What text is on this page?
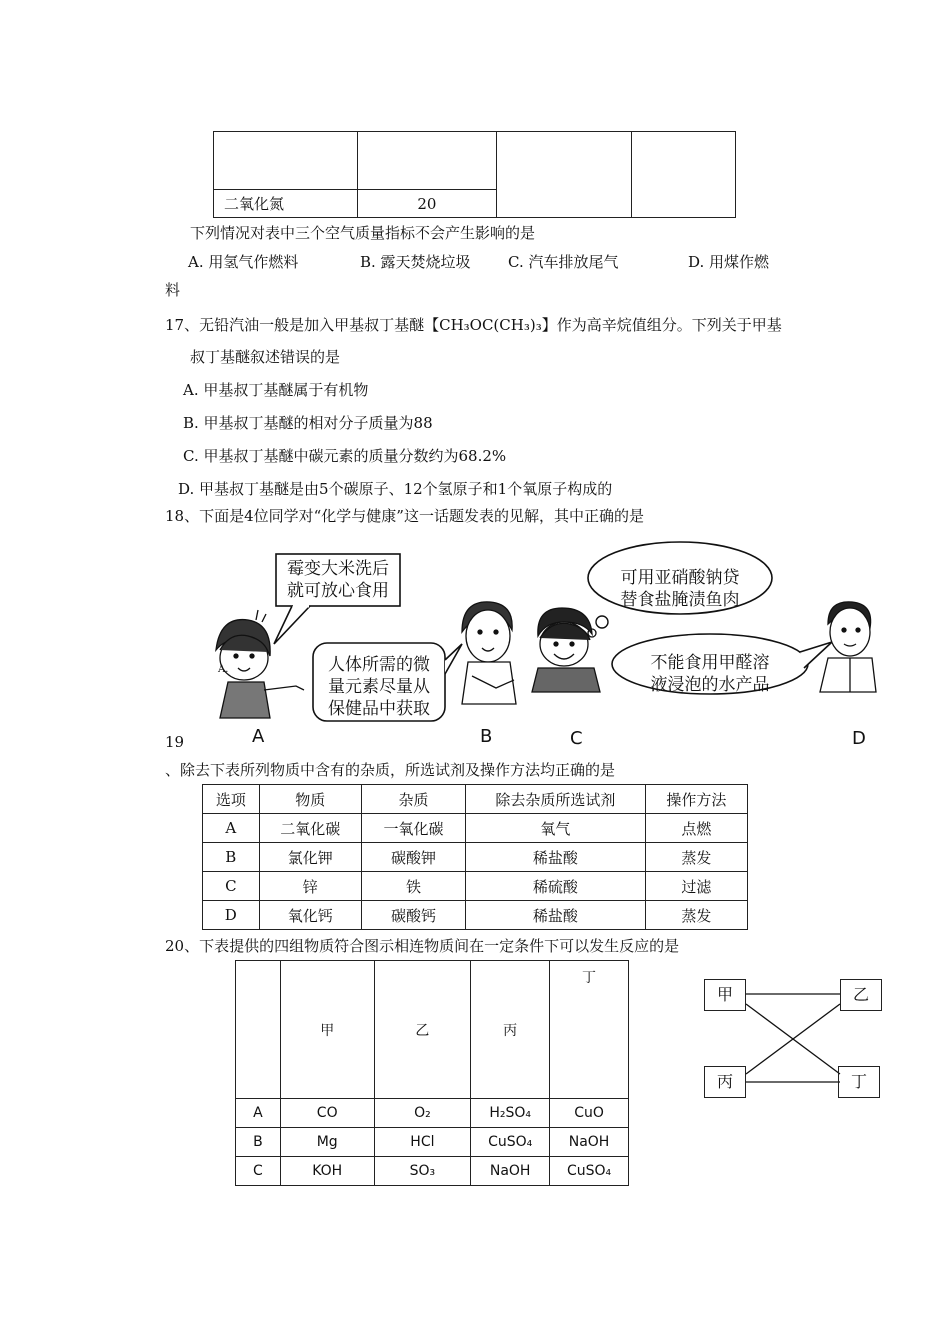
二氧化氮	20		
下列情况对表中三个空气质量指标不会产生影响的是
A. 用氢气作燃料	B. 露天焚烧垃圾 C. 汽车排放尾气	D. 用煤作燃
料
17、无铅汽油一般是加入甲基叔丁基醚【CH₃OC(CH₃)₃】作为高辛烷值组分。下列关于甲基
叔丁基醚叙述错误的是
A. 甲基叔丁基醚属于有机物
B. 甲基叔丁基醚的相对分子质量为88
C. 甲基叔丁基醚中碳元素的质量分数约为68.2%
D. 甲基叔丁基醚是由5个碳原子、12个氢原子和1个氧原子构成的
18、下面是4位同学对“化学与健康”这一话题发表的见解，其中正确的是
霉变大米洗后
就可放心食用
人体所需的微
量元素尽量从
保健品中获取
可用亚硝酸钠贷
替食盐腌渍鱼肉
不能食用甲醛溶
液浸泡的水产品
A.
A	B	C	D
19
、除去下表所列物质中含有的杂质，所选试剂及操作方法均正确的是
选项	物质	杂质	除去杂质所选试剂	操作方法
A	二氧化碳	一氧化碳	氧气	点燃
B	氯化钾	碳酸钾	稀盐酸	蒸发
C	锌	铁	稀硫酸	过滤
D	氧化钙	碳酸钙	稀盐酸	蒸发
20、下表提供的四组物质符合图示相连物质间在一定条件下可以发生反应的是
	甲	乙	丙	丁
A	CO	O₂	H₂SO₄	CuO
B	Mg	HCl	CuSO₄	NaOH
C	KOH	SO₃	NaOH	CuSO₄
甲	乙
丙	丁
